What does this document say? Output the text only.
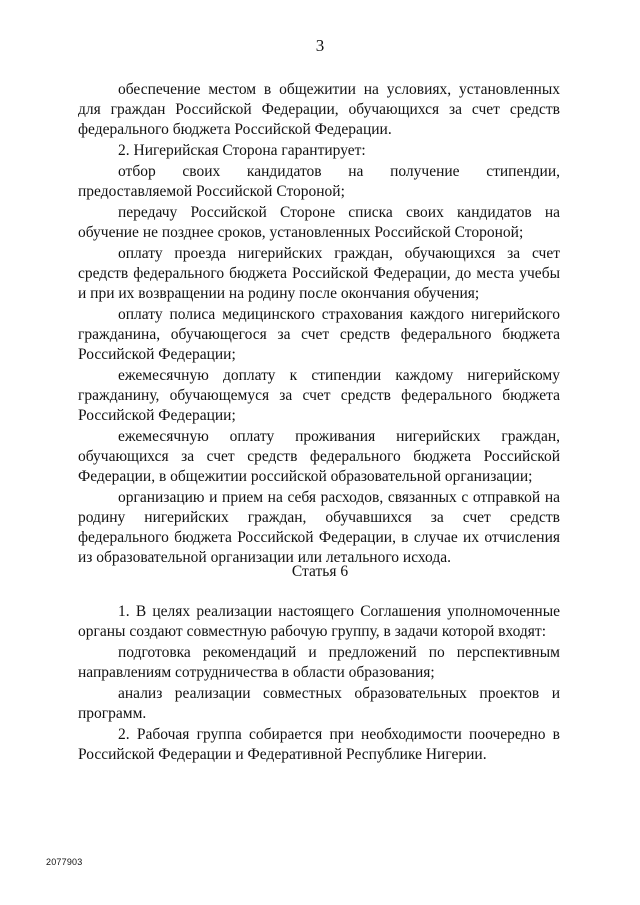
3

обеспечение местом в общежитии на условиях, установленных для граждан Российской Федерации, обучающихся за счет средств федерального бюджета Российской Федерации.

2. Нигерийская Сторона гарантирует:

отбор своих кандидатов на получение стипендии, предоставляемой Российской Стороной;

передачу Российской Стороне списка своих кандидатов на обучение не позднее сроков, установленных Российской Стороной;

оплату проезда нигерийских граждан, обучающихся за счет средств федерального бюджета Российской Федерации, до места учебы и при их возвращении на родину после окончания обучения;

оплату полиса медицинского страхования каждого нигерийского гражданина, обучающегося за счет средств федерального бюджета Российской Федерации;

ежемесячную доплату к стипендии каждому нигерийскому гражданину, обучающемуся за счет средств федерального бюджета Российской Федерации;

ежемесячную оплату проживания нигерийских граждан, обучающихся за счет средств федерального бюджета Российской Федерации, в общежитии российской образовательной организации;

организацию и прием на себя расходов, связанных с отправкой на родину нигерийских граждан, обучавшихся за счет средств федерального бюджета Российской Федерации, в случае их отчисления из образовательной организации или летального исхода.

Статья 6

1. В целях реализации настоящего Соглашения уполномоченные органы создают совместную рабочую группу, в задачи которой входят:

подготовка рекомендаций и предложений по перспективным направлениям сотрудничества в области образования;

анализ реализации совместных образовательных проектов и программ.

2. Рабочая группа собирается при необходимости поочередно в Российской Федерации и Федеративной Республике Нигерии.

2077903
